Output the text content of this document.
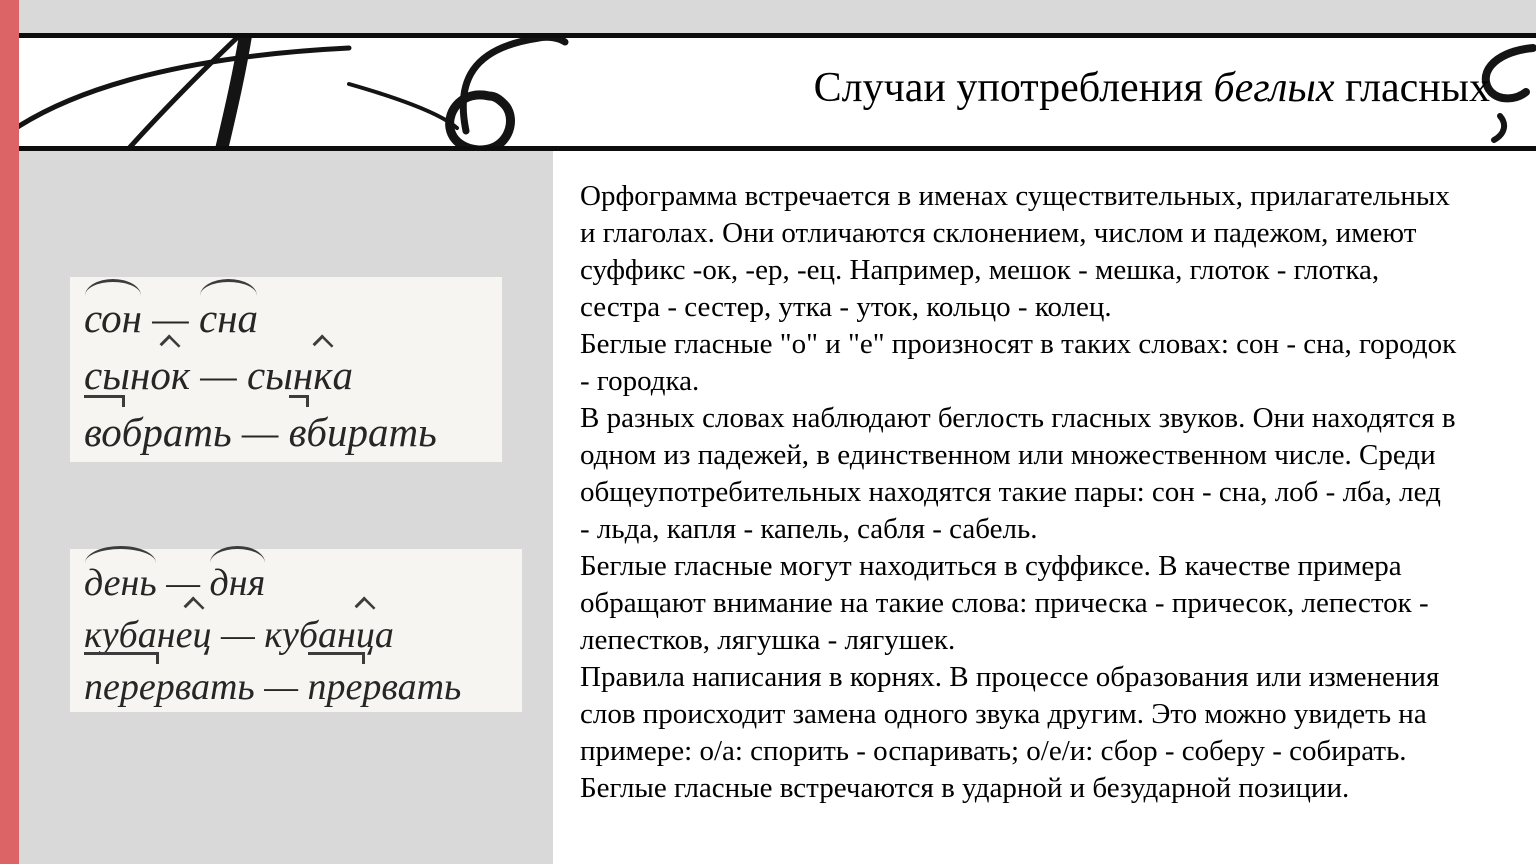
Случаи употребления беглых гласных
сон — сна
сын ок — сын к а
во брать — в бирать
день — дня
кубан ец — кубан ц а
пере рвать — пре рвать
Орфограмма встречается в именах существительных, прилагательных
и глаголах. Они отличаются склонением, числом и падежом, имеют
суффикс -ок, -ер, -ец. Например, мешок - мешка, глоток - глотка,
сестра - сестер, утка - уток, кольцо - колец.
Беглые гласные "о" и "е" произносят в таких словах: сон - сна, городок
- городка.
В разных словах наблюдают беглость гласных звуков. Они находятся в
одном из падежей, в единственном или множественном числе. Среди
общеупотребительных находятся такие пары: сон - сна, лоб - лба, лед
- льда, капля - капель, сабля - сабель.
Беглые гласные могут находиться в суффиксе. В качестве примера
обращают внимание на такие слова: прическа - причесок, лепесток -
лепестков, лягушка - лягушек.
Правила написания в корнях. В процессе образования или изменения
слов происходит замена одного звука другим. Это можно увидеть на
примере: о/а: спорить - оспаривать; о/е/и: сбор - соберу - собирать.
Беглые гласные встречаются в ударной и безударной позиции.
